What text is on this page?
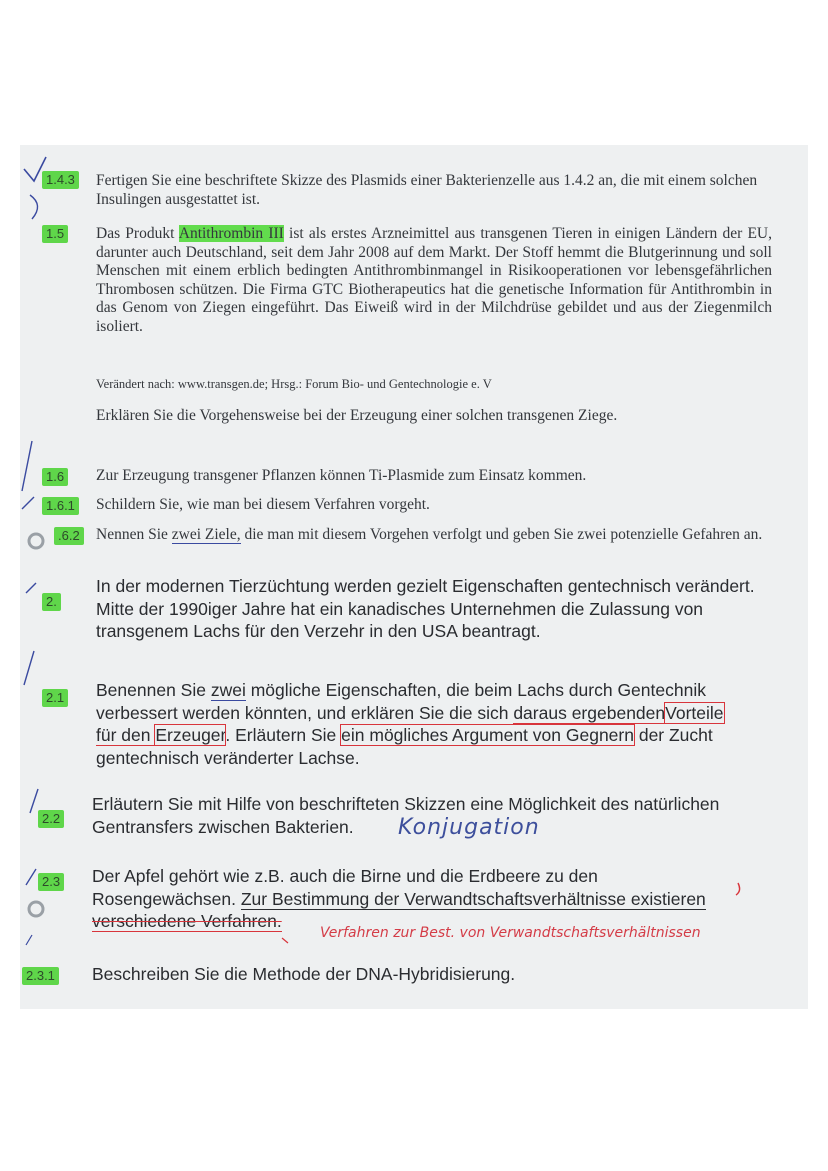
1.4.3 Fertigen Sie eine beschriftete Skizze des Plasmids einer Bakterienzelle aus 1.4.2 an, die mit einem solchen Insulingen ausgestattet ist.
1.5 Das Produkt Antithrombin III ist als erstes Arzneimittel aus transgenen Tieren in einigen Ländern der EU, darunter auch Deutschland, seit dem Jahr 2008 auf dem Markt. Der Stoff hemmt die Blutgerinnung und soll Menschen mit einem erblich bedingten Antithrombinmangel in Risikooperationen vor lebensgefährlichen Thrombosen schützen. Die Firma GTC Biotherapeutics hat die genetische Information für Antithrombin in das Genom von Ziegen eingeführt. Das Eiweiß wird in der Milchdrüse gebildet und aus der Ziegenmilch isoliert.
Verändert nach: www.transgen.de; Hrsg.: Forum Bio- und Gentechnologie e. V
Erklären Sie die Vorgehensweise bei der Erzeugung einer solchen transgenen Ziege.
1.6 Zur Erzeugung transgener Pflanzen können Ti-Plasmide zum Einsatz kommen.
1.6.1 Schildern Sie, wie man bei diesem Verfahren vorgeht.
.6.2 Nennen Sie zwei Ziele, die man mit diesem Vorgehen verfolgt und geben Sie zwei potenzielle Gefahren an.
2.
In der modernen Tierzüchtung werden gezielt Eigenschaften gentechnisch verändert. Mitte der 1990iger Jahre hat ein kanadisches Unternehmen die Zulassung von transgenem Lachs für den Verzehr in den USA beantragt.
2.1 Benennen Sie zwei mögliche Eigenschaften, die beim Lachs durch Gentechnik
verbessert werden könnten, und erklären Sie die sich daraus ergebendenVorteile
für den Erzeuger. Erläutern Sie ein mögliches Argument von Gegnern der Zucht
gentechnisch veränderter Lachse.
2.2
Erläutern Sie mit Hilfe von beschrifteten Skizzen eine Möglichkeit des natürlichen
Gentransfers zwischen Bakterien.	Konjugation
2.3 Der Apfel gehört wie z.B. auch die Birne und die Erdbeere zu den
Rosengewächsen. Zur Bestimmung der Verwandtschaftsverhältnisse existieren
verschiedene Verfahren.
Verfahren zur Best. von Verwandtschaftsverhältnissen
2.3.1 Beschreiben Sie die Methode der DNA-Hybridisierung.
